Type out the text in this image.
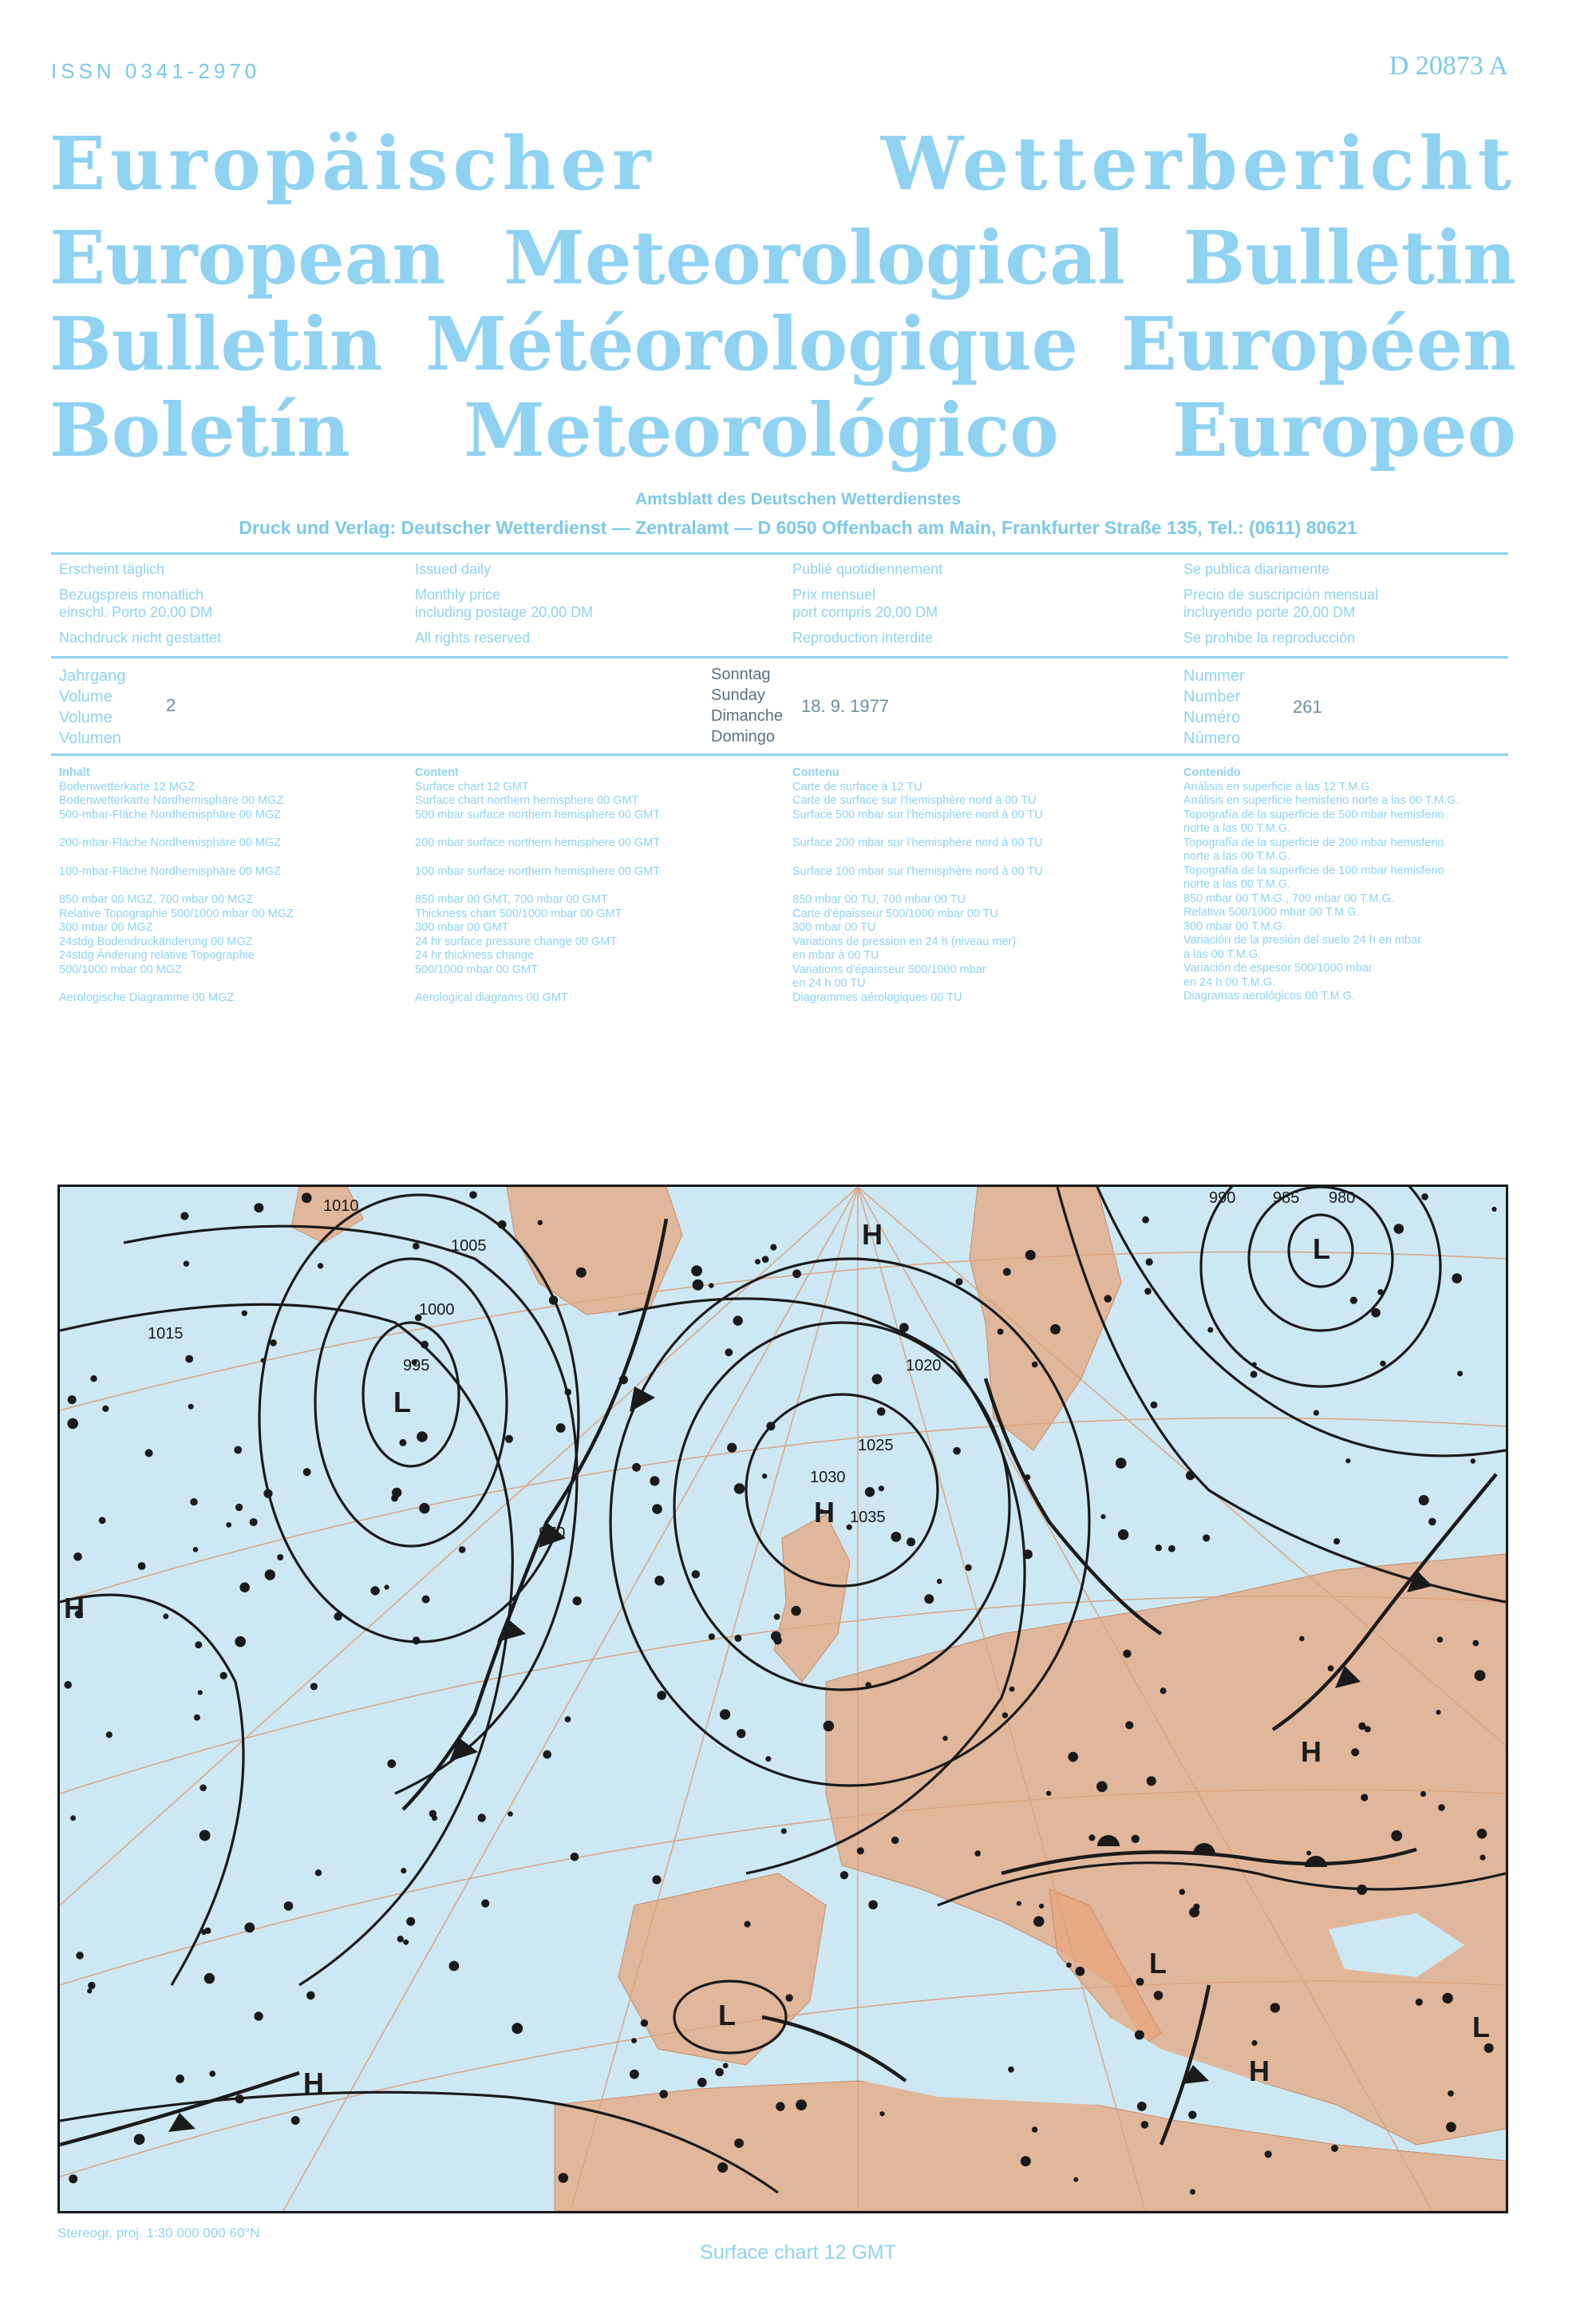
ISSN 0341-2970	D 20873 A
Europäischer	Wetterbericht
European Meteorological Bulletin
Bulletin Météorologique Européen
Boletín Meteorológico Europeo
Amtsblatt des Deutschen Wetterdienstes
Druck und Verlag: Deutscher Wetterdienst — Zentralamt — D 6050 Offenbach am Main, Frankfurter Straße 135, Tel.: (0611) 80621
Erscheint täglich
Bezugspreis monatlich
einschl. Porto 20,00 DM
Nachdruck nicht gestattet
Issued daily
Monthly price
including postage 20,00 DM
All rights reserved
Publié quotidiennement
Prix mensuel
port compris 20,00 DM
Reproduction interdite
Se publica diariamente
Precio de suscripción mensual
incluyendo porte 20,00 DM
Se prohibe la reproducción
Jahrgang
Volume
Volume
Volumen
2
Sonntag
Sunday
Dimanche
Domingo
18. 9. 1977
Nummer
Number
Numéro
Número
261
Inhalt
Bodenwetterkarte 12 MGZ
Bodenwetterkarte Nordhemisphäre 00 MGZ
500-mbar-Fläche Nordhemisphäre 00 MGZ
200-mbar-Fläche Nordhemisphäre 00 MGZ
100-mbar-Fläche Nordhemisphäre 00 MGZ
850 mbar 00 MGZ, 700 mbar 00 MGZ
Relative Topographie 500/1000 mbar 00 MGZ
300 mbar 00 MGZ
24stdg Bodendruckänderung 00 MGZ
24stdg Änderung relative Topographie
500/1000 mbar 00 MGZ
Aerologische Diagramme 00 MGZ
Content
Surface chart 12 GMT
Surface chart northern hemisphere 00 GMT
500 mbar surface northern hemisphere 00 GMT
200 mbar surface northern hemisphere 00 GMT
100 mbar surface northern hemisphere 00 GMT
850 mbar 00 GMT, 700 mbar 00 GMT
Thickness chart 500/1000 mbar 00 GMT
300 mbar 00 GMT
24 hr surface pressure change 00 GMT
24 hr thickness change
500/1000 mbar 00 GMT
Aerological diagrams 00 GMT
Contenu
Carte de surface à 12 TU
Carte de surface sur l'hemisphère nord à 00 TU
Surface 500 mbar sur l'hemisphère nord à 00 TU
Surface 200 mbar sur l'hemisphère nord à 00 TU
Surface 100 mbar sur l'hemisphère nord à 00 TU
850 mbar 00 TU, 700 mbar 00 TU
Carte d'épaisseur 500/1000 mbar 00 TU
300 mbar 00 TU
Variations de pression en 24 h (niveau mer)
en mbar à 00 TU
Variations d'épaisseur 500/1000 mbar
en 24 h 00 TU
Diagrammes aérologiques 00 TU
Contenido
Análisis en superficie a las 12 T.M.G.
Análisis en superficie hemisferio norte a las 00 T.M.G.
Topografía de la superficie de 500 mbar hemisferio
norte a las 00 T.M.G.
Topografía de la superficie de 200 mbar hemisferio
norte a las 00 T.M.G.
Topografía de la superficie de 100 mbar hemisferio
norte a las 00 T.M.G.
850 mbar 00 T.M.G., 700 mbar 00 T.M.G.
Relativa 500/1000 mbar 00 T.M.G.
300 mbar 00 T.M.G.
Variación de la presión del suelo 24 h en mbar
a las 00 T.M.G.
Variación de espesor 500/1000 mbar
en 24 h 00 T.M.G.
Diagramas aerológicos 00 T.M.G.
1010
1005
1000
995
1015
1020
1025
1030
1035
990 985 980
970
H
L
H
L
H
H
L
H
L
L
H
Stereogr. proj. 1:30 000 000 60°N
Surface chart 12 GMT
